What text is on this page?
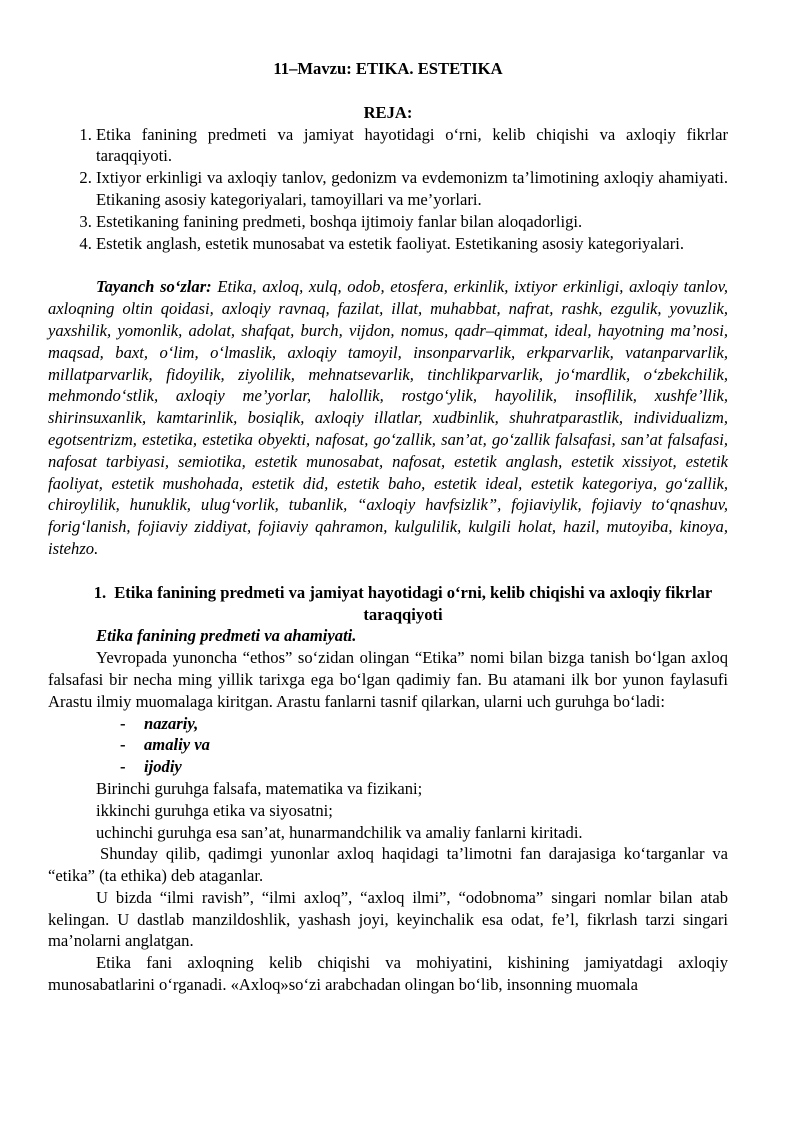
11–Mavzu: ETIKA. ESTETIKA

REJA:

1. Etika fanining predmeti va jamiyat hayotidagi o‘rni, kelib chiqishi va axloqiy fikrlar taraqqiyoti.
2. Ixtiyor erkinligi va axloqiy tanlov, gedonizm va evdemonizm ta’limotining axloqiy ahamiyati. Etikaning asosiy kategoriyalari, tamoyillari va me’yorlari.
3. Estetikaning fanining predmeti, boshqa ijtimoiy fanlar bilan aloqadorligi.
4. Estetik anglash, estetik munosabat va estetik faoliyat. Estetikaning asosiy kategoriyalari.

Tayanch so‘zlar: Etika, axloq, xulq, odob, etosfera, erkinlik, ixtiyor erkinligi, axloqiy tanlov, axloqning oltin qoidasi, axloqiy ravnaq, fazilat, illat, muhabbat, nafrat, rashk, ezgulik, yovuzlik, yaxshilik, yomonlik, adolat, shafqat, burch, vijdon, nomus, qadr–qimmat, ideal, hayotning ma’nosi, maqsad, baxt, o‘lim, o‘lmaslik, axloqiy tamoyil, insonparvarlik, erkparvarlik, vatanparvarlik, millatparvarlik, fidoyilik, ziyolilik, mehnatsevarlik, tinchlikparvarlik, jo‘mardlik, o‘zbekchilik, mehmondo‘stlik, axloqiy me’yorlar, halollik, rostgo‘ylik, hayolilik, insoflilik, xushfe’llik, shirinsuxanlik, kamtarinlik, bosiqlik, axloqiy illatlar, xudbinlik, shuhratparastlik, individualizm, egotsentrizm, estetika, estetika obyekti, nafosat, go‘zallik, san’at, go‘zallik falsafasi, san’at falsafasi, nafosat tarbiyasi, semiotika, estetik munosabat, nafosat, estetik anglash, estetik xissiyot, estetik faoliyat, estetik mushohada, estetik did, estetik baho, estetik ideal, estetik kategoriya, go‘zallik, chiroylilik, hunuklik, ulug‘vorlik, tubanlik, “axloqiy havfsizlik”, fojiaviylik, fojiaviy to‘qnashuv, forig‘lanish, fojiaviy ziddiyat, fojiaviy qahramon, kulgulilik, kulgili holat, hazil, mutoyiba, kinoya, istehzo.

1. Etika fanining predmeti va jamiyat hayotidagi o‘rni, kelib chiqishi va axloqiy fikrlar taraqqiyoti

Etika fanining predmeti va ahamiyati.

Yevropada yunoncha “ethos” so‘zidan olingan “Etika” nomi bilan bizga tanish bo‘lgan axloq falsafasi bir necha ming yillik tarixga ega bo‘lgan qadimiy fan. Bu atamani ilk bor yunon faylasufi Arastu ilmiy muomalaga kiritgan. Arastu fanlarni tasnif qilarkan, ularni uch guruhga bo‘ladi:

- nazariy,
- amaliy va
- ijodiy

Birinchi guruhga falsafa, matematika va fizikani;

ikkinchi guruhga etika va siyosatni;

uchinchi guruhga esa san’at, hunarmandchilik va amaliy fanlarni kiritadi.

Shunday qilib, qadimgi yunonlar axloq haqidagi ta’limotni fan darajasiga ko‘targanlar va “etika” (ta ethika) deb ataganlar.

U bizda “ilmi ravish”, “ilmi axloq”, “axloq ilmi”, “odobnoma” singari nomlar bilan atab kelingan. U dastlab manzildoshlik, yashash joyi, keyinchalik esa odat, fe’l, fikrlash tarzi singari ma’nolarni anglatgan.

Etika fani axloqning kelib chiqishi va mohiyatini, kishining jamiyatdagi axloqiy munosabatlarini o‘rganadi. «Axloq»so‘zi arabchadan olingan bo‘lib, insonning muomala
